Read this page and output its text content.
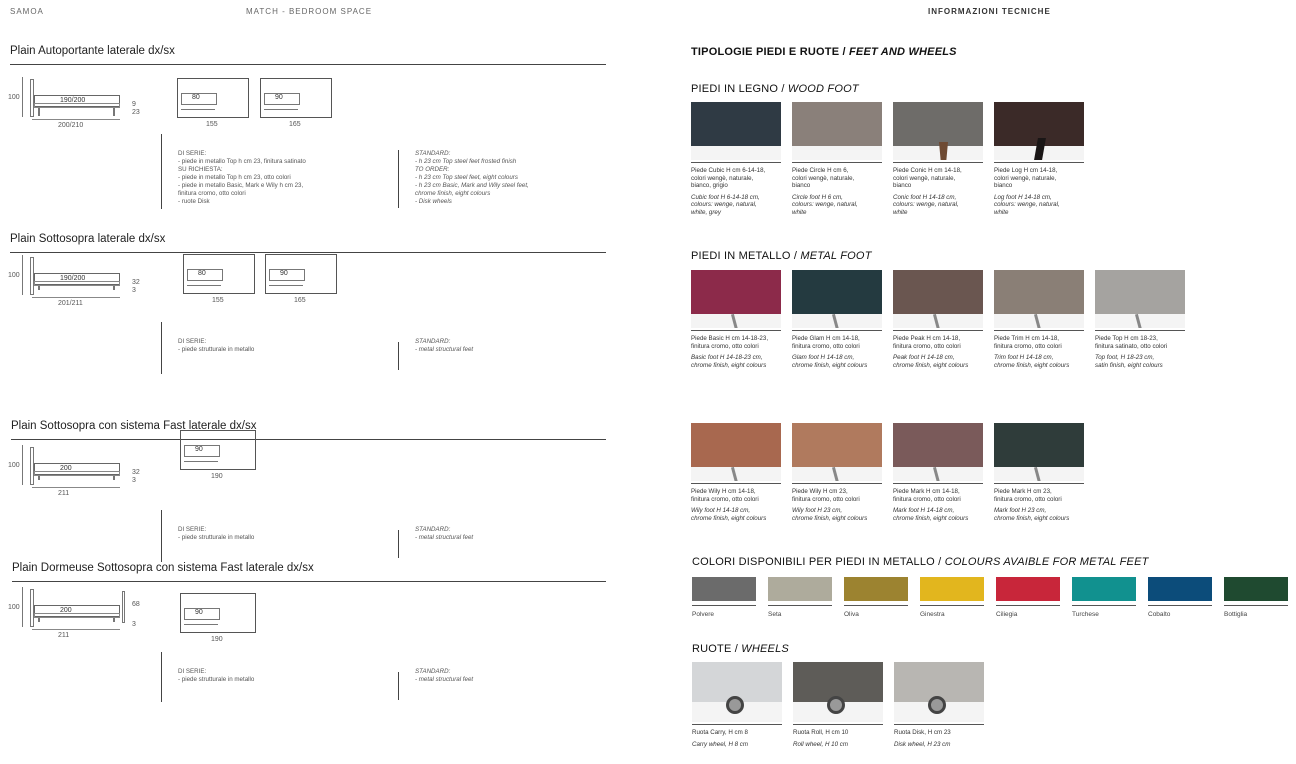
SAMOA	MATCH - BEDROOM SPACE	INFORMAZIONI TECNICHE
Plain Autoportante laterale dx/sx
100	190/200
200/210
9
23
80
155
90
165
DI SERIE:
- piede in metallo Top h cm 23, finitura satinato
SU RICHIESTA:
- piede in metallo Top h cm 23, otto colori
- piede in metallo Basic, Mark e Wily h cm 23,
finitura cromo, otto colori
- ruote Disk
STANDARD:
- h 23 cm Top steel feet frosted finish
TO ORDER:
- h 23 cm Top steel feet, eight colours
- h 23 cm Basic, Mark and Wily steel feet,
chrome finish, eight colours
- Disk wheels
Plain Sottosopra laterale dx/sx
100	190/200
201/211
32
3
80
155
90
165
DI SERIE:
- piede strutturale in metallo
STANDARD:
- metal structural feet
Plain Sottosopra con sistema Fast laterale dx/sx
100	200
211
32
3
90
190
DI SERIE:
- piede strutturale in metallo
STANDARD:
- metal structural feet
Plain Dormeuse Sottosopra con sistema Fast laterale dx/sx
100	200
211
68
3
90
190
DI SERIE:
- piede strutturale in metallo
STANDARD:
- metal structural feet
TIPOLOGIE PIEDI E RUOTE / FEET AND WHEELS
PIEDI IN LEGNO / WOOD FOOT
Piede Cubic H cm 6-14-18,
colori wengè, naturale,
bianco, grigio
Cubic foot H 6-14-18 cm,
colours: wenge, natural,
white, grey
Piede Circle H cm 6,
colori wengè, naturale,
bianco
Circle foot H 6 cm,
colours: wenge, natural,
white
Piede Conic H cm 14-18,
colori wengè, naturale,
bianco
Conic foot H 14-18 cm,
colours: wenge, natural,
white
Piede Log H cm 14-18,
colori wengè, naturale,
bianco
Log foot H 14-18 cm,
colours: wenge, natural,
white
PIEDI IN METALLO / METAL FOOT
Piede Basic H cm 14-18-23,
finitura cromo, otto colori
Basic foot H 14-18-23 cm,
chrome finish, eight colours
Piede Glam H cm 14-18,
finitura cromo, otto colori
Glam foot H 14-18 cm,
chrome finish, eight colours
Piede Peak H cm 14-18,
finitura cromo, otto colori
Peak foot H 14-18 cm,
chrome finish, eight colours
Piede Trim H cm 14-18,
finitura cromo, otto colori
Trim foot H 14-18 cm,
chrome finish, eight colours
Piede Top H cm 18-23,
finitura satinato, otto colori
Top foot, H 18-23 cm,
satin finish, eight colours
Piede Wily H cm 14-18,
finitura cromo, otto colori
Wily foot H 14-18 cm,
chrome finish, eight colours
Piede Wily H cm 23,
finitura cromo, otto colori
Wily foot H 23 cm,
chrome finish, eight colours
Piede Mark H cm 14-18,
finitura cromo, otto colori
Mark foot H 14-18 cm,
chrome finish, eight colours
Piede Mark H cm 23,
finitura cromo, otto colori
Mark foot H 23 cm,
chrome finish, eight colours
COLORI DISPONIBILI PER PIEDI IN METALLO / COLOURS AVAIBLE FOR METAL FEET
Polvere	Seta	Oliva	Ginestra	Ciliegia	Turchese	Cobalto	Bottiglia
RUOTE / WHEELS
Ruota Carry, H cm 8
Carry wheel, H 8 cm
Ruota Roll, H cm 10
Roll wheel, H 10 cm
Ruota Disk, H cm 23
Disk wheel, H 23 cm
